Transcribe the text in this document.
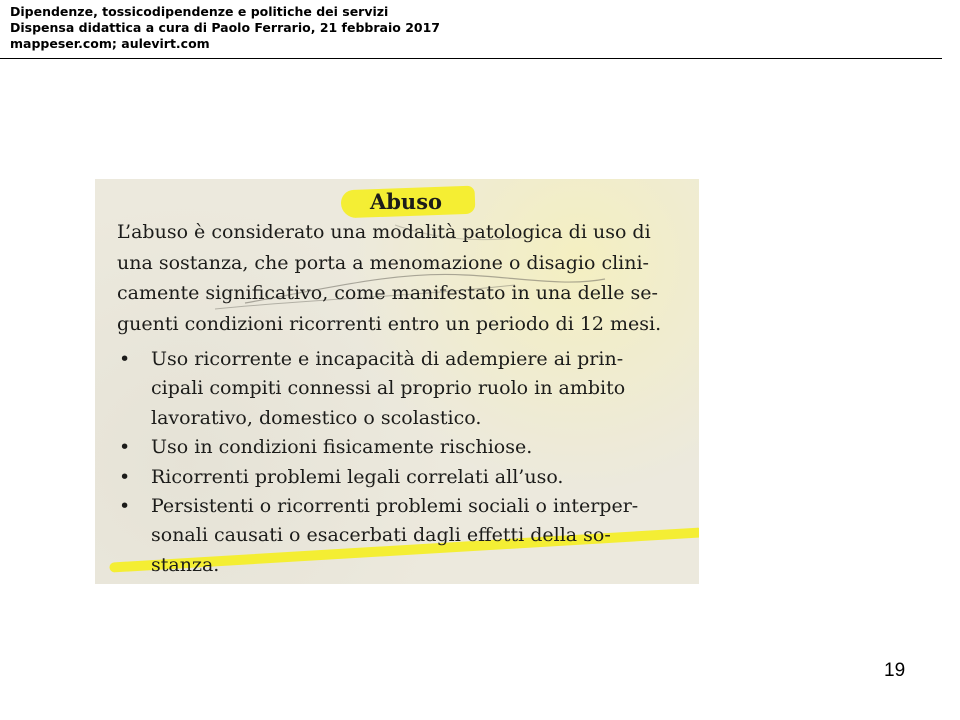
Dipendenze, tossicodipendenze e politiche dei servizi
Dispensa didattica a cura di Paolo Ferrario, 21 febbraio 2017
mappeser.com; aulevirt.com
Abuso
L’abuso è considerato una modalità patologica di uso di
una sostanza, che porta a menomazione o disagio clini-
camente significativo, come manifestato in una delle se-
guenti condizioni ricorrenti entro un periodo di 12 mesi.
• Uso ricorrente e incapacità di adempiere ai prin-
cipali compiti connessi al proprio ruolo in ambito
lavorativo, domestico o scolastico.
• Uso in condizioni fisicamente rischiose.
• Ricorrenti problemi legali correlati all’uso.
• Persistenti o ricorrenti problemi sociali o interper-
sonali causati o esacerbati dagli effetti della so-
stanza.
19
